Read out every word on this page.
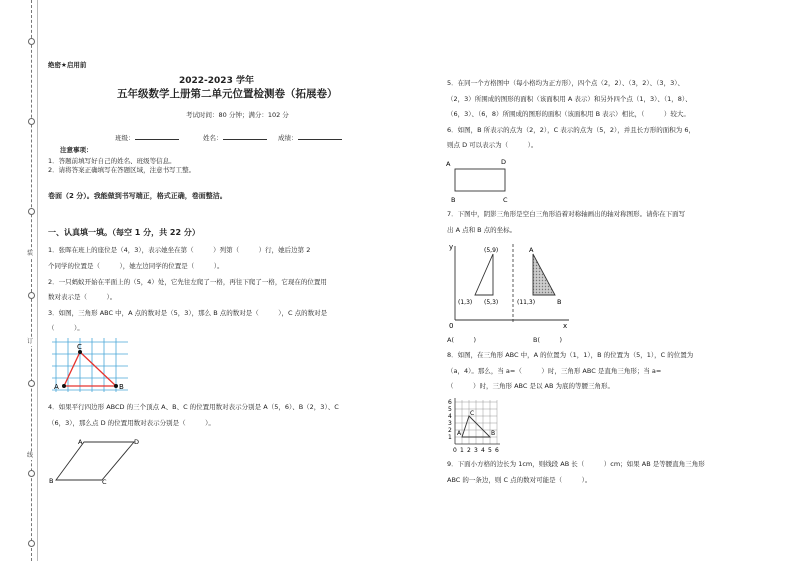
装
订
线
绝密★启用前
2022-2023 学年
五年级数学上册第二单元位置检测卷（拓展卷）
考试时间：80 分钟；满分：102 分
班级：	姓名：	成绩：
注意事项：
1．答题前填写好自己的姓名、班级等信息。
2．请将答案正确填写在答题区域，注意书写工整。
卷面（2 分）。我能做到书写端正，格式正确，卷面整洁。
一、认真填一填。（每空 1 分，共 22 分）
1．张晖在班上的座位是（4，3），表示她坐在第（　　　）列第（　　　）行，她后边第 2
个同学的位置是（　　　），她左边同学的位置是（　　　）。
2．一只蚂蚁开始在平面上的（5，4）处，它先往左爬了一格，再往下爬了一格，它现在的位置用
数对表示是（　　　）。
3．如图，三角形 ABC 中，A 点的数对是（5，3），那么 B 点的数对是（　　　），C 点的数对是
（　　　）。
A
C
B
4．如果平行四边形 ABCD 的三个顶点 A、B、C 的位置用数对表示分别是 A（5，6）、B（2，3）、C
（6，3），那么点 D 的位置用数对表示分别是（　　　）。
A	D
B	C
5．在同一个方格图中（每小格均为正方形），四个点（2，2）、（3，2）、（3，3）、
（2，3）所围成的图形的面积（该面积用 A 表示）和另外四个点（1，3）、（1，8）、
（6，3）、（6，8）所围成的图形的面积（该面积用 B 表示）相比，（　　　）较大。
6．如图，B 所表示的点为（2，2），C 表示的点为（5，2），并且长方形的面积为 6，
则点 D 可以表示为（　　　）。
A	D
B	C
7．下图中，阴影三角形是空白三角形沿着对称轴画出的轴对称图形。请你在下面写
出 A 点和 B 点的坐标。
y
x
0
(5,9)
(1,3) (5,3)	(11,3)
A
B
A(　　　)	B(　　　)
8．如图，在三角形 ABC 中，A 的位置为（1，1），B 的位置为（5，1），C 的位置为
（a，4）。那么，当 a=（　　　）时，三角形 ABC 是直角三角形；当 a=
（　　　）时，三角形 ABC 是以 AB 为底的等腰三角形。
1
2
3
4
5
6
0 1 2 3 4 5 6
A	B
C
9．下面小方格的边长为 1cm，则线段 AB 长（　　　）cm；如果 AB 是等腰直角三角形
ABC 的一条边，则 C 点的数对可能是（　　　）。
